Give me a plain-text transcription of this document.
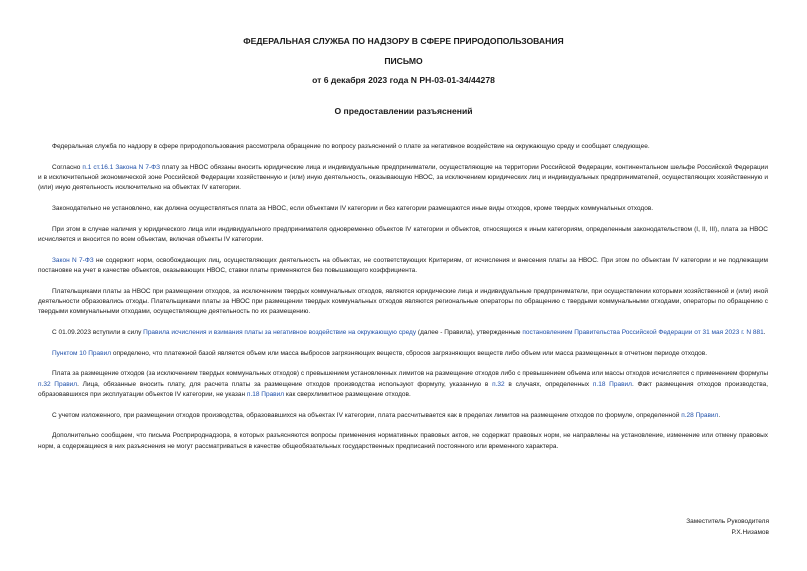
ФЕДЕРАЛЬНАЯ СЛУЖБА ПО НАДЗОРУ В СФЕРЕ ПРИРОДОПОЛЬЗОВАНИЯ
ПИСЬМО
от 6 декабря 2023 года N РН-03-01-34/44278
О предоставлении разъяснений

Федеральная служба по надзору в сфере природопользования рассмотрела обращение по вопросу разъяснений о плате за негативное воздействие на окружающую среду и сообщает следующее.

Согласно п.1 ст.16.1 Закона N 7-ФЗ плату за НВОС обязаны вносить юридические лица и индивидуальные предприниматели, осуществляющие на территории Российской Федерации, континентальном шельфе Российской Федерации и в исключительной экономической зоне Российской Федерации хозяйственную и (или) иную деятельность, оказывающую НВОС, за исключением юридических лиц и индивидуальных предпринимателей, осуществляющих хозяйственную и (или) иную деятельность исключительно на объектах IV категории.

Законодательно не установлено, как должна осуществляться плата за НВОС, если объектами IV категории и без категории размещаются иные виды отходов, кроме твердых коммунальных отходов.

При этом в случае наличия у юридического лица или индивидуального предпринимателя одновременно объектов IV категории и объектов, относящихся к иным категориям, определенным законодательством (I, II, III), плата за НВОС исчисляется и вносится по всем объектам, включая объекты IV категории.

Закон N 7-ФЗ не содержит норм, освобождающих лиц, осуществляющих деятельность на объектах, не соответствующих Критериям, от исчисления и внесения платы за НВОС. При этом по объектам IV категории и не подлежащим постановке на учет в качестве объектов, оказывающих НВОС, ставки платы применяются без повышающего коэффициента.

Плательщиками платы за НВОС при размещении отходов, за исключением твердых коммунальных отходов, являются юридические лица и индивидуальные предприниматели, при осуществлении которыми хозяйственной и (или) иной деятельности образовались отходы. Плательщиками платы за НВОС при размещении твердых коммунальных отходов являются региональные операторы по обращению с твердыми коммунальными отходами, операторы по обращению с твердыми коммунальными отходами, осуществляющие деятельность по их размещению.

С 01.09.2023 вступили в силу Правила исчисления и взимания платы за негативное воздействие на окружающую среду (далее - Правила), утвержденные постановлением Правительства Российской Федерации от 31 мая 2023 г. N 881.

Пунктом 10 Правил определено, что платежной базой является объем или масса выбросов загрязняющих веществ, сбросов загрязняющих веществ либо объем или масса размещенных в отчетном периоде отходов.

Плата за размещение отходов (за исключением твердых коммунальных отходов) с превышением установленных лимитов на размещение отходов либо с превышением объема или массы отходов исчисляется с применением формулы п.32 Правил. Лица, обязанные вносить плату, для расчета платы за размещение отходов производства используют формулу, указанную в п.32 в случаях, определенных п.18 Правил. Факт размещения отходов производства, образовавшихся при эксплуатации объектов IV категории, не указан п.18 Правил как сверхлимитное размещение отходов.

С учетом изложенного, при размещении отходов производства, образовавшихся на объектах IV категории, плата рассчитывается как в пределах лимитов на размещение отходов по формуле, определенной п.28 Правил.

Дополнительно сообщаем, что письма Росприроднадзора, в которых разъясняются вопросы применения нормативных правовых актов, не содержат правовых норм, не направлены на установление, изменение или отмену правовых норм, а содержащиеся в них разъяснения не могут рассматриваться в качестве общеобязательных государственных предписаний постоянного или временного характера.

Заместитель Руководителя
Р.Х.Низамов
